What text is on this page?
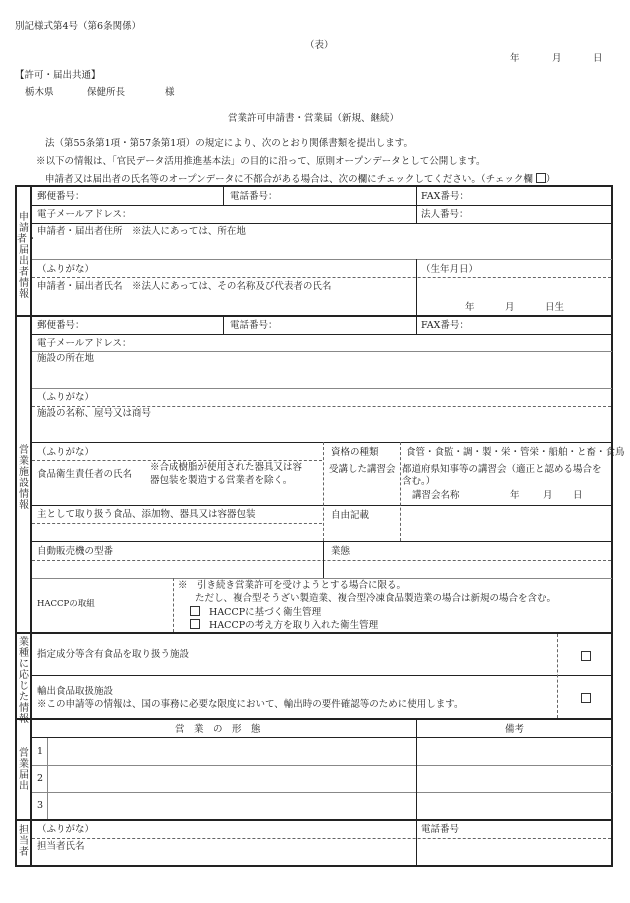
別記様式第4号（第6条関係）
（表）
年	月	日
【許可・届出共通】
栃木県	保健所長	様
営業許可申請書・営業届（新規、継続）
法（第55条第1項・第57条第1項）の規定により、次のとおり関係書類を提出します。
※以下の情報は、「官民データ活用推進基本法」の目的に沿って、原則オープンデータとして公開します。
申請者又は届出者の氏名等のオープンデータに不都合がある場合は、次の欄にチェックしてください。（チェック欄 ）
申請者・届出者情報
郵便番号：	電話番号：	FAX番号：
電子メールアドレス：	法人番号：
申請者・届出者住所　※法人にあっては、所在地
（ふりがな）	（生年月日）
申請者・届出者氏名　※法人にあっては、その名称及び代表者の氏名
年	月	日生
営業施設情報
郵便番号：	電話番号：	FAX番号：
電子メールアドレス：
施設の所在地
（ふりがな）
施設の名称、屋号又は商号
（ふりがな）	資格の種類	食管・食監・調・製・栄・管栄・船舶・と畜・食鳥
食品衛生責任者の氏名
※合成樹脂が使用された器具又は容
器包装を製造する営業者を除く。
受講した講習会 都道府県知事等の講習会（適正と認める場合を
含む。）
講習会名称	年 月 日
主として取り扱う食品、添加物、器具又は容器包装	自由記載
自動販売機の型番	業態
HACCPの取組
※　引き続き営業許可を受けようとする場合に限る。
ただし、複合型そうざい製造業、複合型冷凍食品製造業の場合は新規の場合を含む。
HACCPに基づく衛生管理
HACCPの考え方を取り入れた衛生管理
業種に応じた情報
指定成分等含有食品を取り扱う施設
輸出食品取扱施設
※この申請等の情報は、国の事務に必要な限度において、輸出時の要件確認等のために使用します。
営業届出
営　業　の　形　態	備考
1
2
3
担当者
（ふりがな）	電話番号
担当者氏名
